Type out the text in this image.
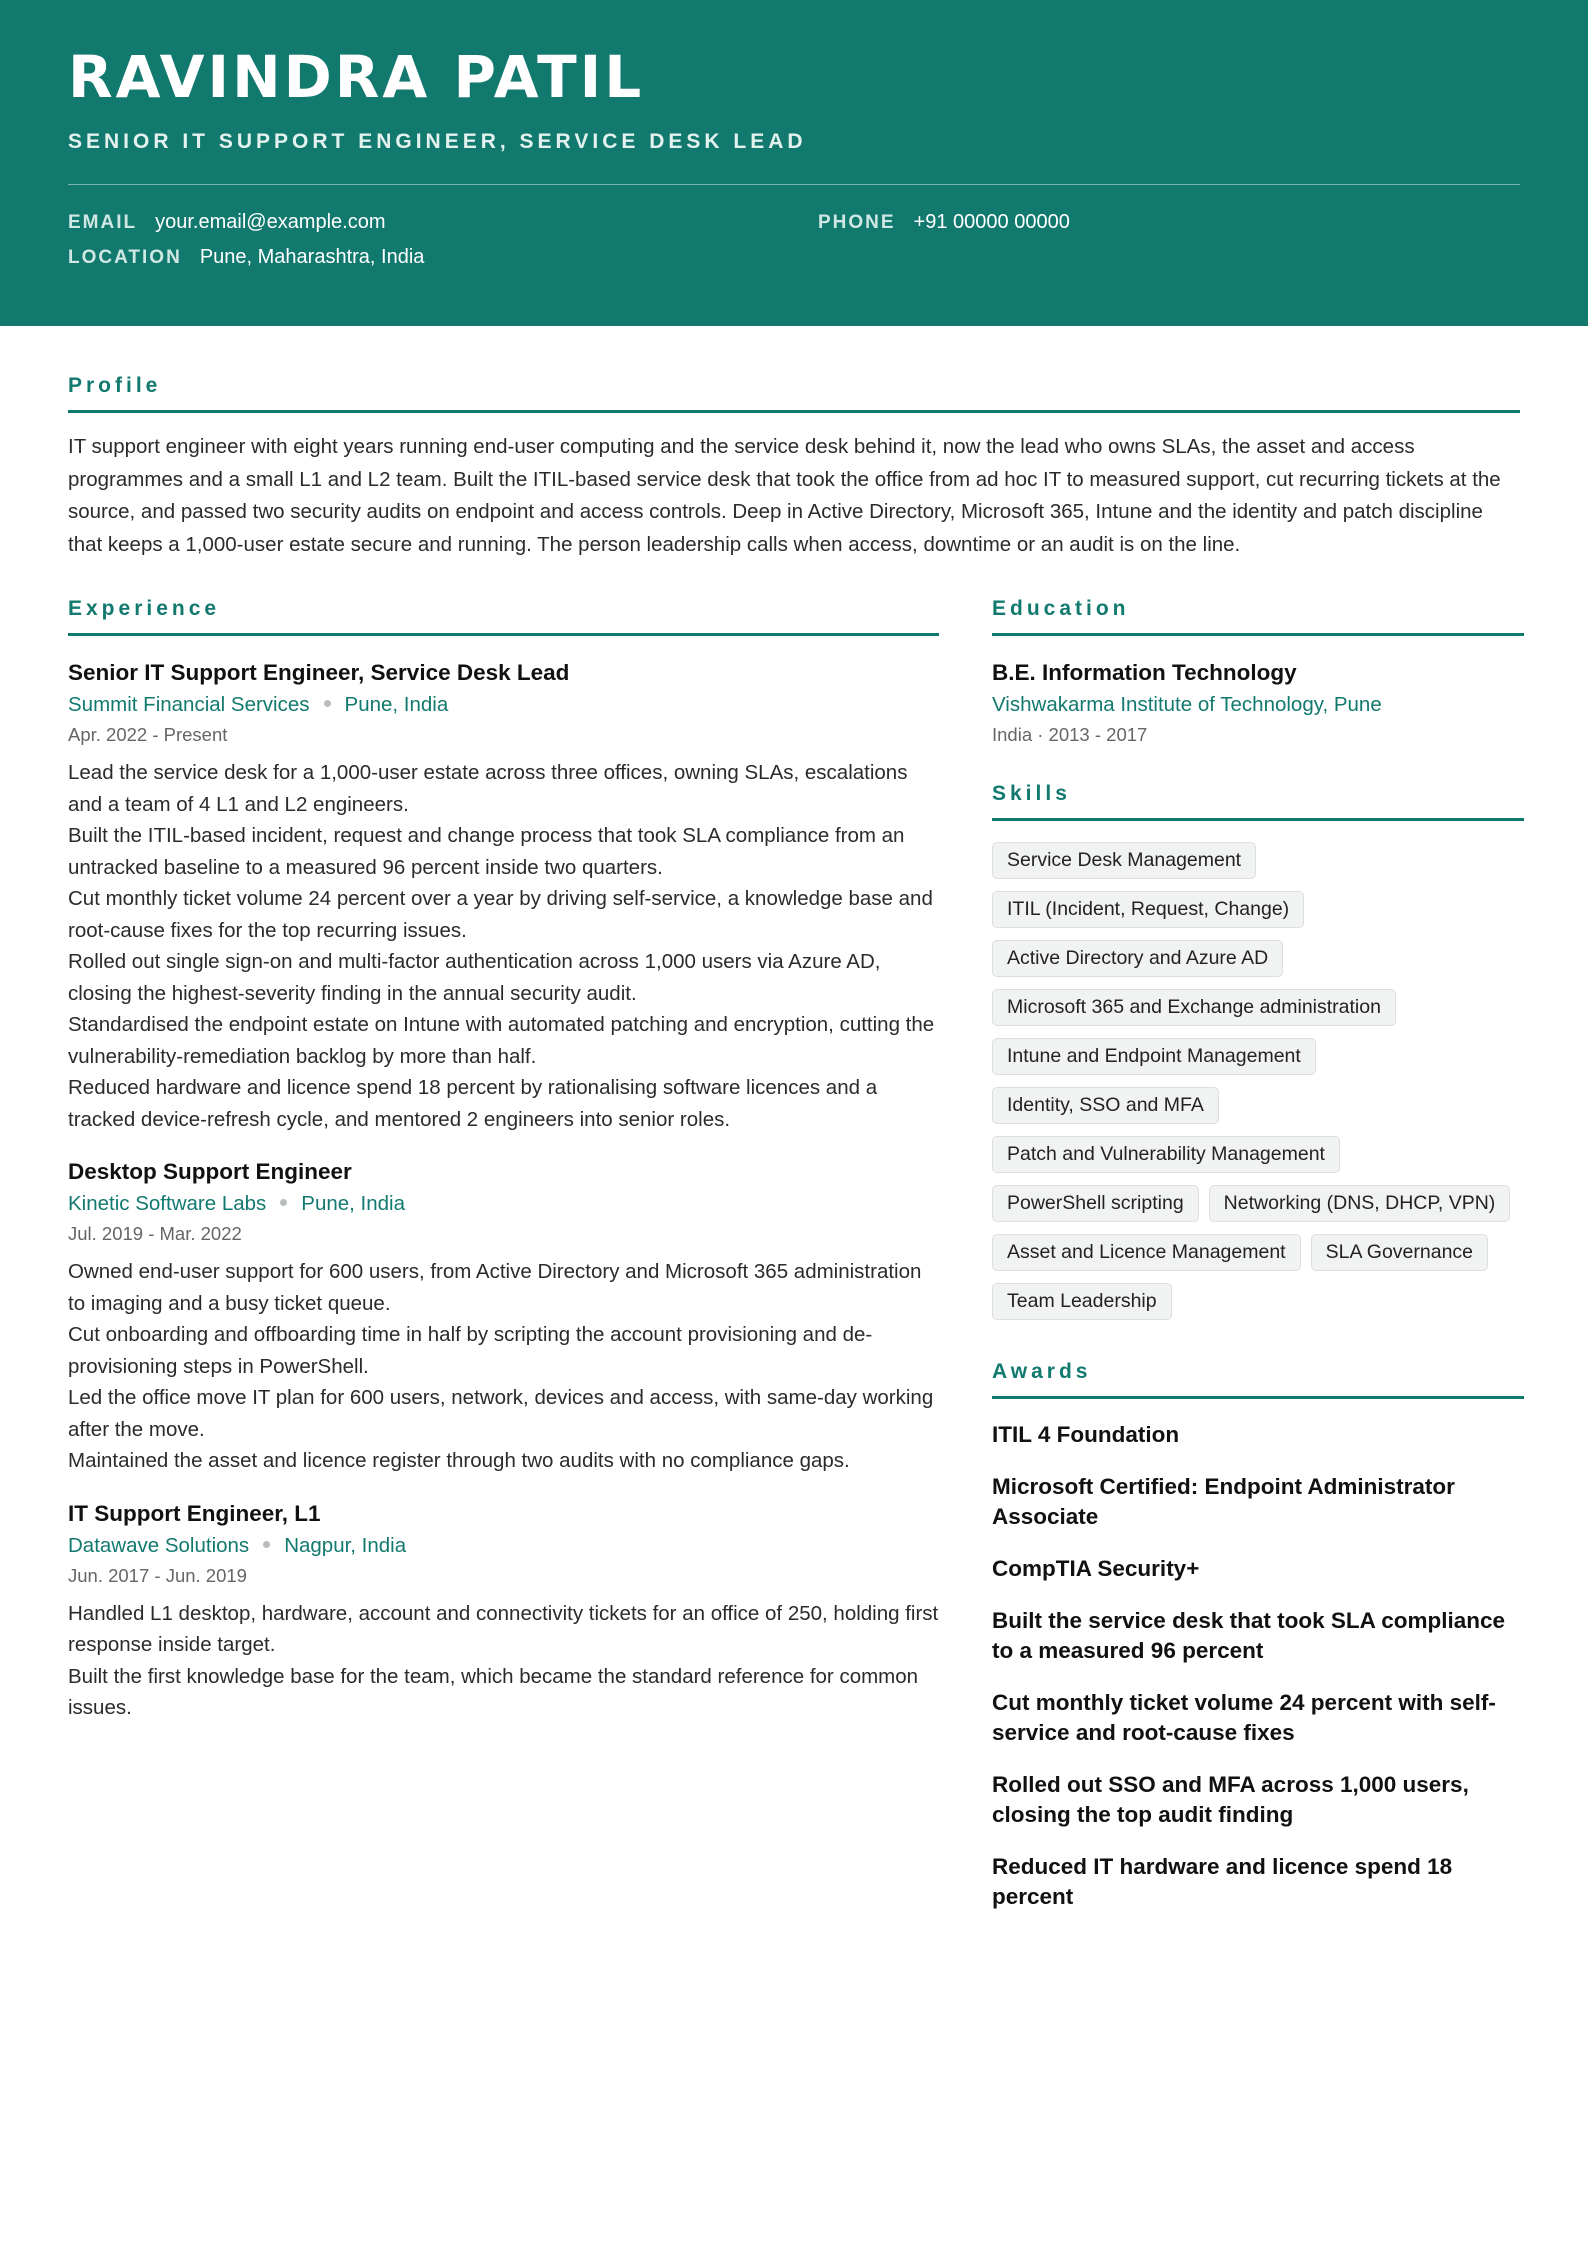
RAVINDRA PATIL
SENIOR IT SUPPORT ENGINEER, SERVICE DESK LEAD
EMAIL your.email@example.com	PHONE +91 00000 00000
LOCATION Pune, Maharashtra, India
Profile

IT support engineer with eight years running end-user computing and the service desk behind it, now the lead who owns SLAs, the asset and access programmes and a small L1 and L2 team. Built the ITIL-based service desk that took the office from ad hoc IT to measured support, cut recurring tickets at the source, and passed two security audits on endpoint and access controls. Deep in Active Directory, Microsoft 365, Intune and the identity and patch discipline that keeps a 1,000-user estate secure and running. The person leadership calls when access, downtime or an audit is on the line.

Experience
Senior IT Support Engineer, Service Desk Lead
Summit Financial Services Pune, India
Apr. 2022 - Present
Lead the service desk for a 1,000-user estate across three offices, owning SLAs, escalations and a team of 4 L1 and L2 engineers.
Built the ITIL-based incident, request and change process that took SLA compliance from an untracked baseline to a measured 96 percent inside two quarters.
Cut monthly ticket volume 24 percent over a year by driving self-service, a knowledge base and root-cause fixes for the top recurring issues.
Rolled out single sign-on and multi-factor authentication across 1,000 users via Azure AD, closing the highest-severity finding in the annual security audit.
Standardised the endpoint estate on Intune with automated patching and encryption, cutting the vulnerability-remediation backlog by more than half.
Reduced hardware and licence spend 18 percent by rationalising software licences and a tracked device-refresh cycle, and mentored 2 engineers into senior roles.
Desktop Support Engineer
Kinetic Software Labs Pune, India
Jul. 2019 - Mar. 2022
Owned end-user support for 600 users, from Active Directory and Microsoft 365 administration to imaging and a busy ticket queue.
Cut onboarding and offboarding time in half by scripting the account provisioning and de-provisioning steps in PowerShell.
Led the office move IT plan for 600 users, network, devices and access, with same-day working after the move.
Maintained the asset and licence register through two audits with no compliance gaps.
IT Support Engineer, L1
Datawave Solutions Nagpur, India
Jun. 2017 - Jun. 2019
Handled L1 desktop, hardware, account and connectivity tickets for an office of 250, holding first response inside target.
Built the first knowledge base for the team, which became the standard reference for common issues.
Education
B.E. Information Technology
Vishwakarma Institute of Technology, Pune
India · 2013 - 2017
Skills
Service Desk Management
ITIL (Incident, Request, Change)
Active Directory and Azure AD
Microsoft 365 and Exchange administration
Intune and Endpoint Management
Identity, SSO and MFA
Patch and Vulnerability Management
PowerShell scripting	Networking (DNS, DHCP, VPN)
Asset and Licence Management	SLA Governance
Team Leadership
Awards
ITIL 4 Foundation
Microsoft Certified: Endpoint Administrator Associate
CompTIA Security+
Built the service desk that took SLA compliance to a measured 96 percent
Cut monthly ticket volume 24 percent with self-service and root-cause fixes
Rolled out SSO and MFA across 1,000 users, closing the top audit finding
Reduced IT hardware and licence spend 18 percent
